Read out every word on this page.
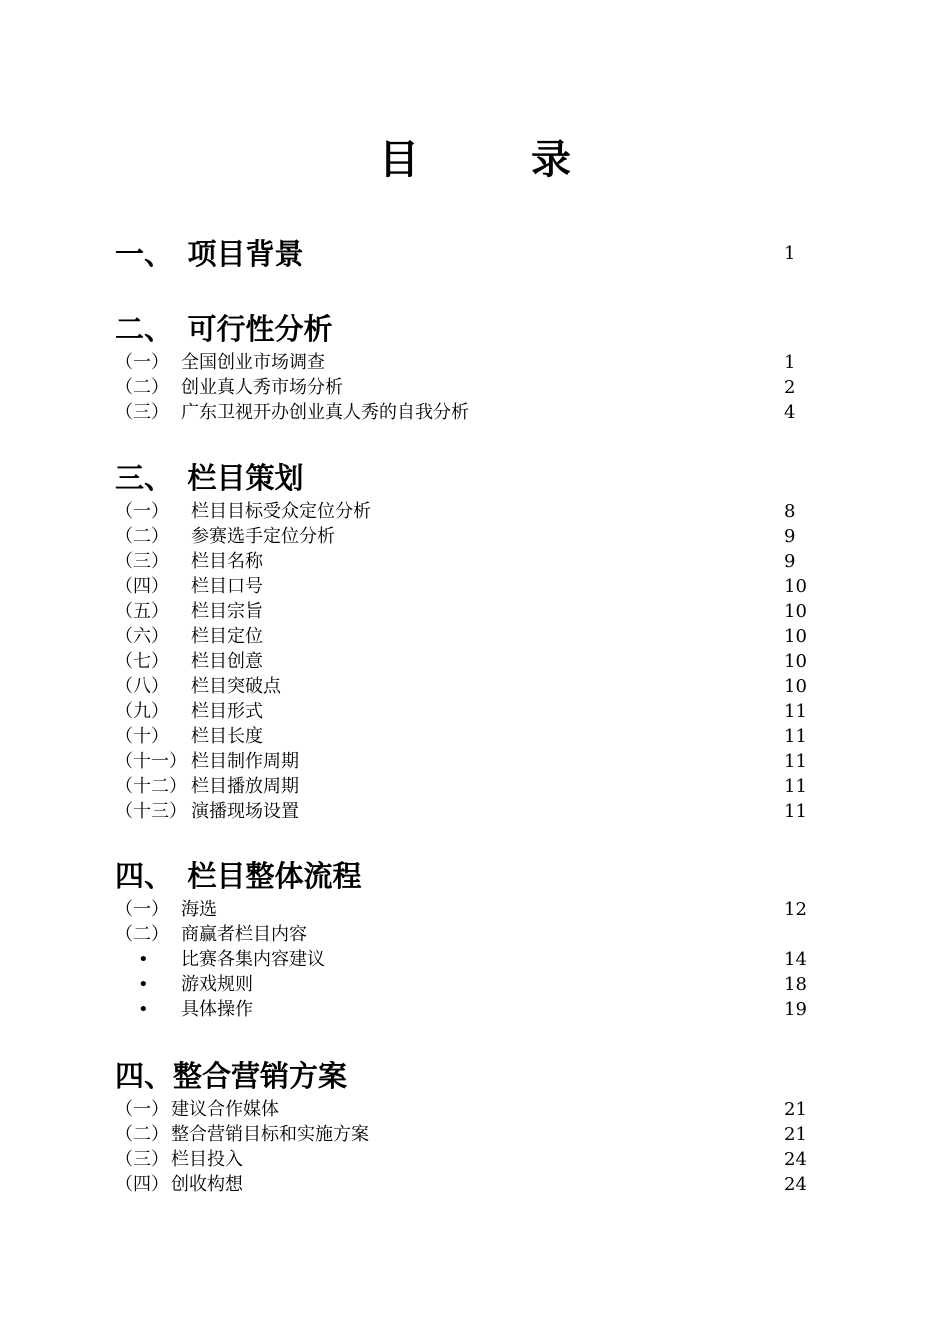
目　录
一、　项目背景	1
二、　可行性分析
（一） 全国创业市场调查	1
（二） 创业真人秀市场分析	2
（三） 广东卫视开办创业真人秀的自我分析	4
三、　栏目策划
（一） 栏目目标受众定位分析	8
（二） 参赛选手定位分析	9
（三） 栏目名称	9
（四） 栏目口号	10
（五） 栏目宗旨	10
（六） 栏目定位	10
（七） 栏目创意	10
（八） 栏目突破点	10
（九） 栏目形式	11
（十） 栏目长度	11
（十一） 栏目制作周期	11
（十二） 栏目播放周期	11
（十三） 演播现场设置	11
四、　栏目整体流程
（一） 海选	12
（二） 商赢者栏目内容
• 比赛各集内容建议	14
• 游戏规则	18
• 具体操作	19
四、整合营销方案
（一） 建议合作媒体	21
（二） 整合营销目标和实施方案	21
（三） 栏目投入	24
（四） 创收构想	24
